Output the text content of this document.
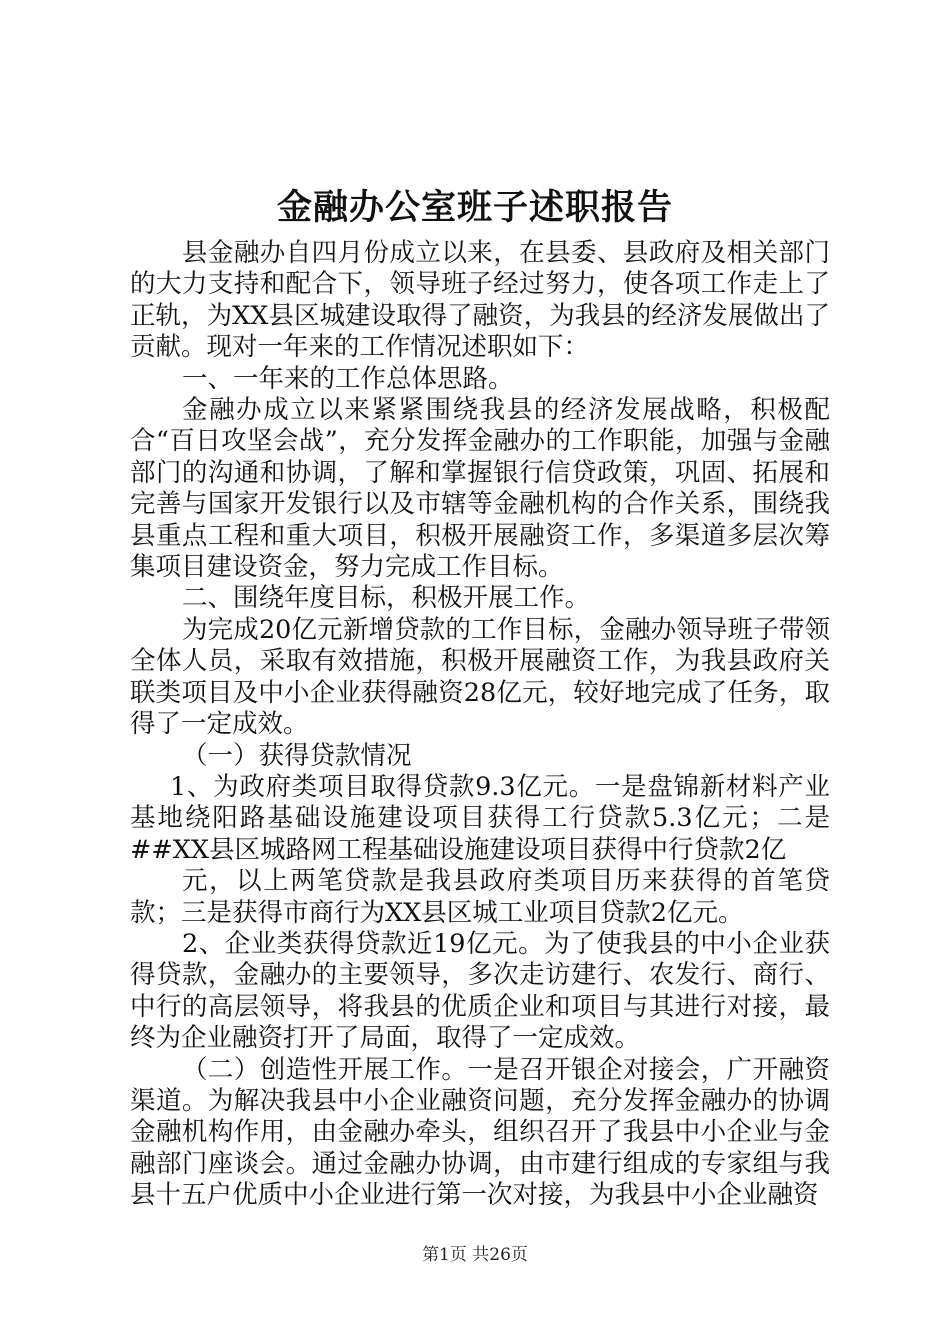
金融办公室班子述职报告

县金融办自四月份成立以来，在县委、县政府及相关部门的大力支持和配合下，领导班子经过努力，使各项工作走上了正轨，为XX县区城建设取得了融资，为我县的经济发展做出了贡献。现对一年来的工作情况述职如下：

一、一年来的工作总体思路。

金融办成立以来紧紧围绕我县的经济发展战略，积极配合“百日攻坚会战”，充分发挥金融办的工作职能，加强与金融部门的沟通和协调，了解和掌握银行信贷政策，巩固、拓展和完善与国家开发银行以及市辖等金融机构的合作关系，围绕我县重点工程和重大项目，积极开展融资工作，多渠道多层次筹集项目建设资金，努力完成工作目标。

二、围绕年度目标，积极开展工作。

为完成20亿元新增贷款的工作目标，金融办领导班子带领全体人员，采取有效措施，积极开展融资工作，为我县政府关联类项目及中小企业获得融资28亿元，较好地完成了任务，取得了一定成效。

（一）获得贷款情况

1、为政府类项目取得贷款9.3亿元。一是盘锦新材料产业基地绕阳路基础设施建设项目获得工行贷款5.3亿元；二是##XX县区城路网工程基础设施建设项目获得中行贷款2亿

元，以上两笔贷款是我县政府类项目历来获得的首笔贷款；三是获得市商行为XX县区城工业项目贷款2亿元。

2、企业类获得贷款近19亿元。为了使我县的中小企业获得贷款，金融办的主要领导，多次走访建行、农发行、商行、中行的高层领导，将我县的优质企业和项目与其进行对接，最终为企业融资打开了局面，取得了一定成效。

（二）创造性开展工作。一是召开银企对接会，广开融资渠道。为解决我县中小企业融资问题，充分发挥金融办的协调金融机构作用，由金融办牵头，组织召开了我县中小企业与金融部门座谈会。通过金融办协调，由市建行组成的专家组与我县十五户优质中小企业进行第一次对接，为我县中小企业融资

第1页 共26页
